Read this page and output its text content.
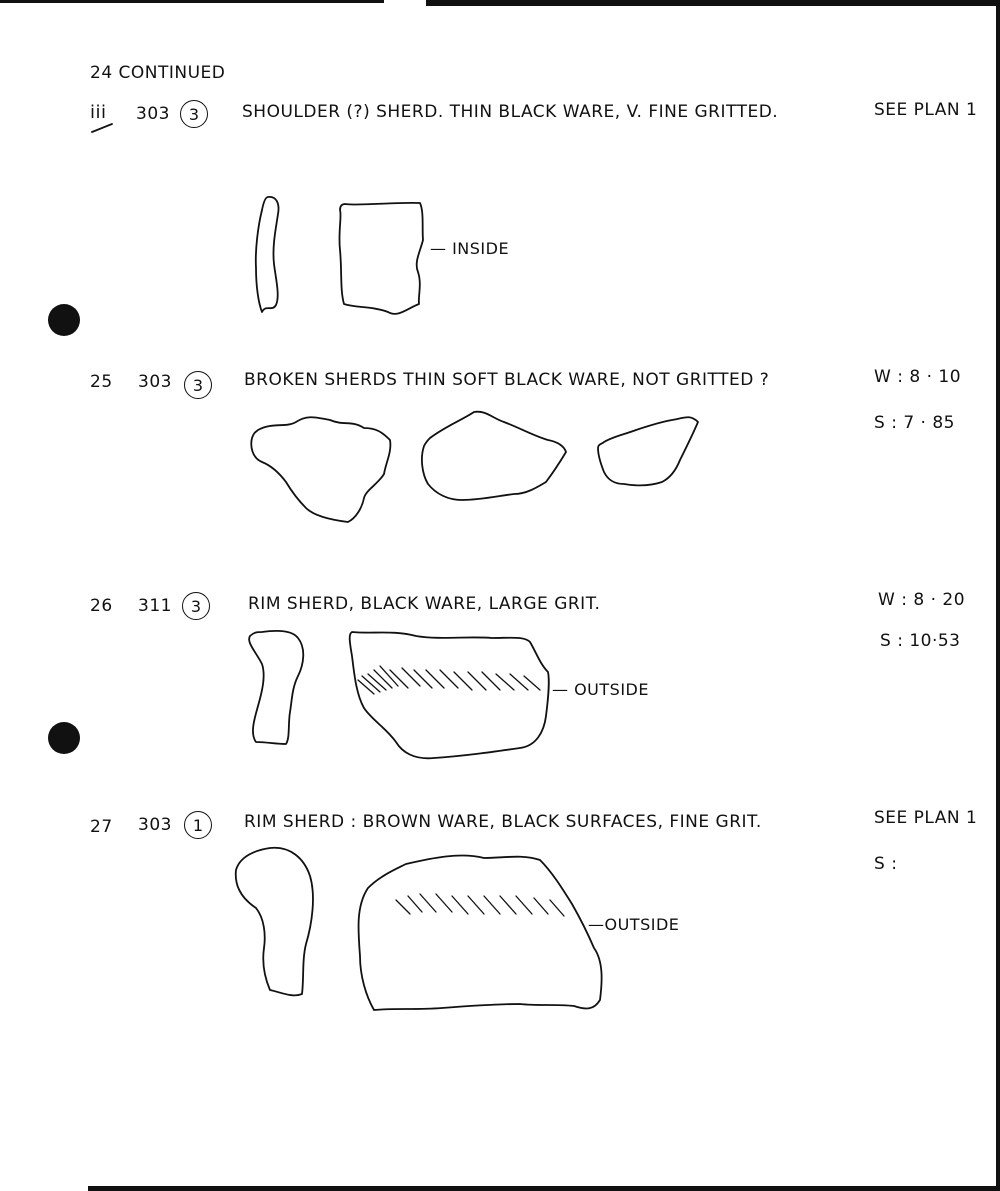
24 CONTINUED
iii 303	3	SHOULDER (?) SHERD. THIN BLACK WARE, V. FINE GRITTED.	SEE PLAN 1
— INSIDE
25 303	3	BROKEN SHERDS THIN SOFT BLACK WARE, NOT GRITTED ?	W : 8 · 10
S : 7 · 85
26 311	3	RIM SHERD, BLACK WARE, LARGE GRIT.	W : 8 · 20
S : 10·53
— OUTSIDE
27 303	1	RIM SHERD : BROWN WARE, BLACK SURFACES, FINE GRIT.	SEE PLAN 1
S :
—OUTSIDE
